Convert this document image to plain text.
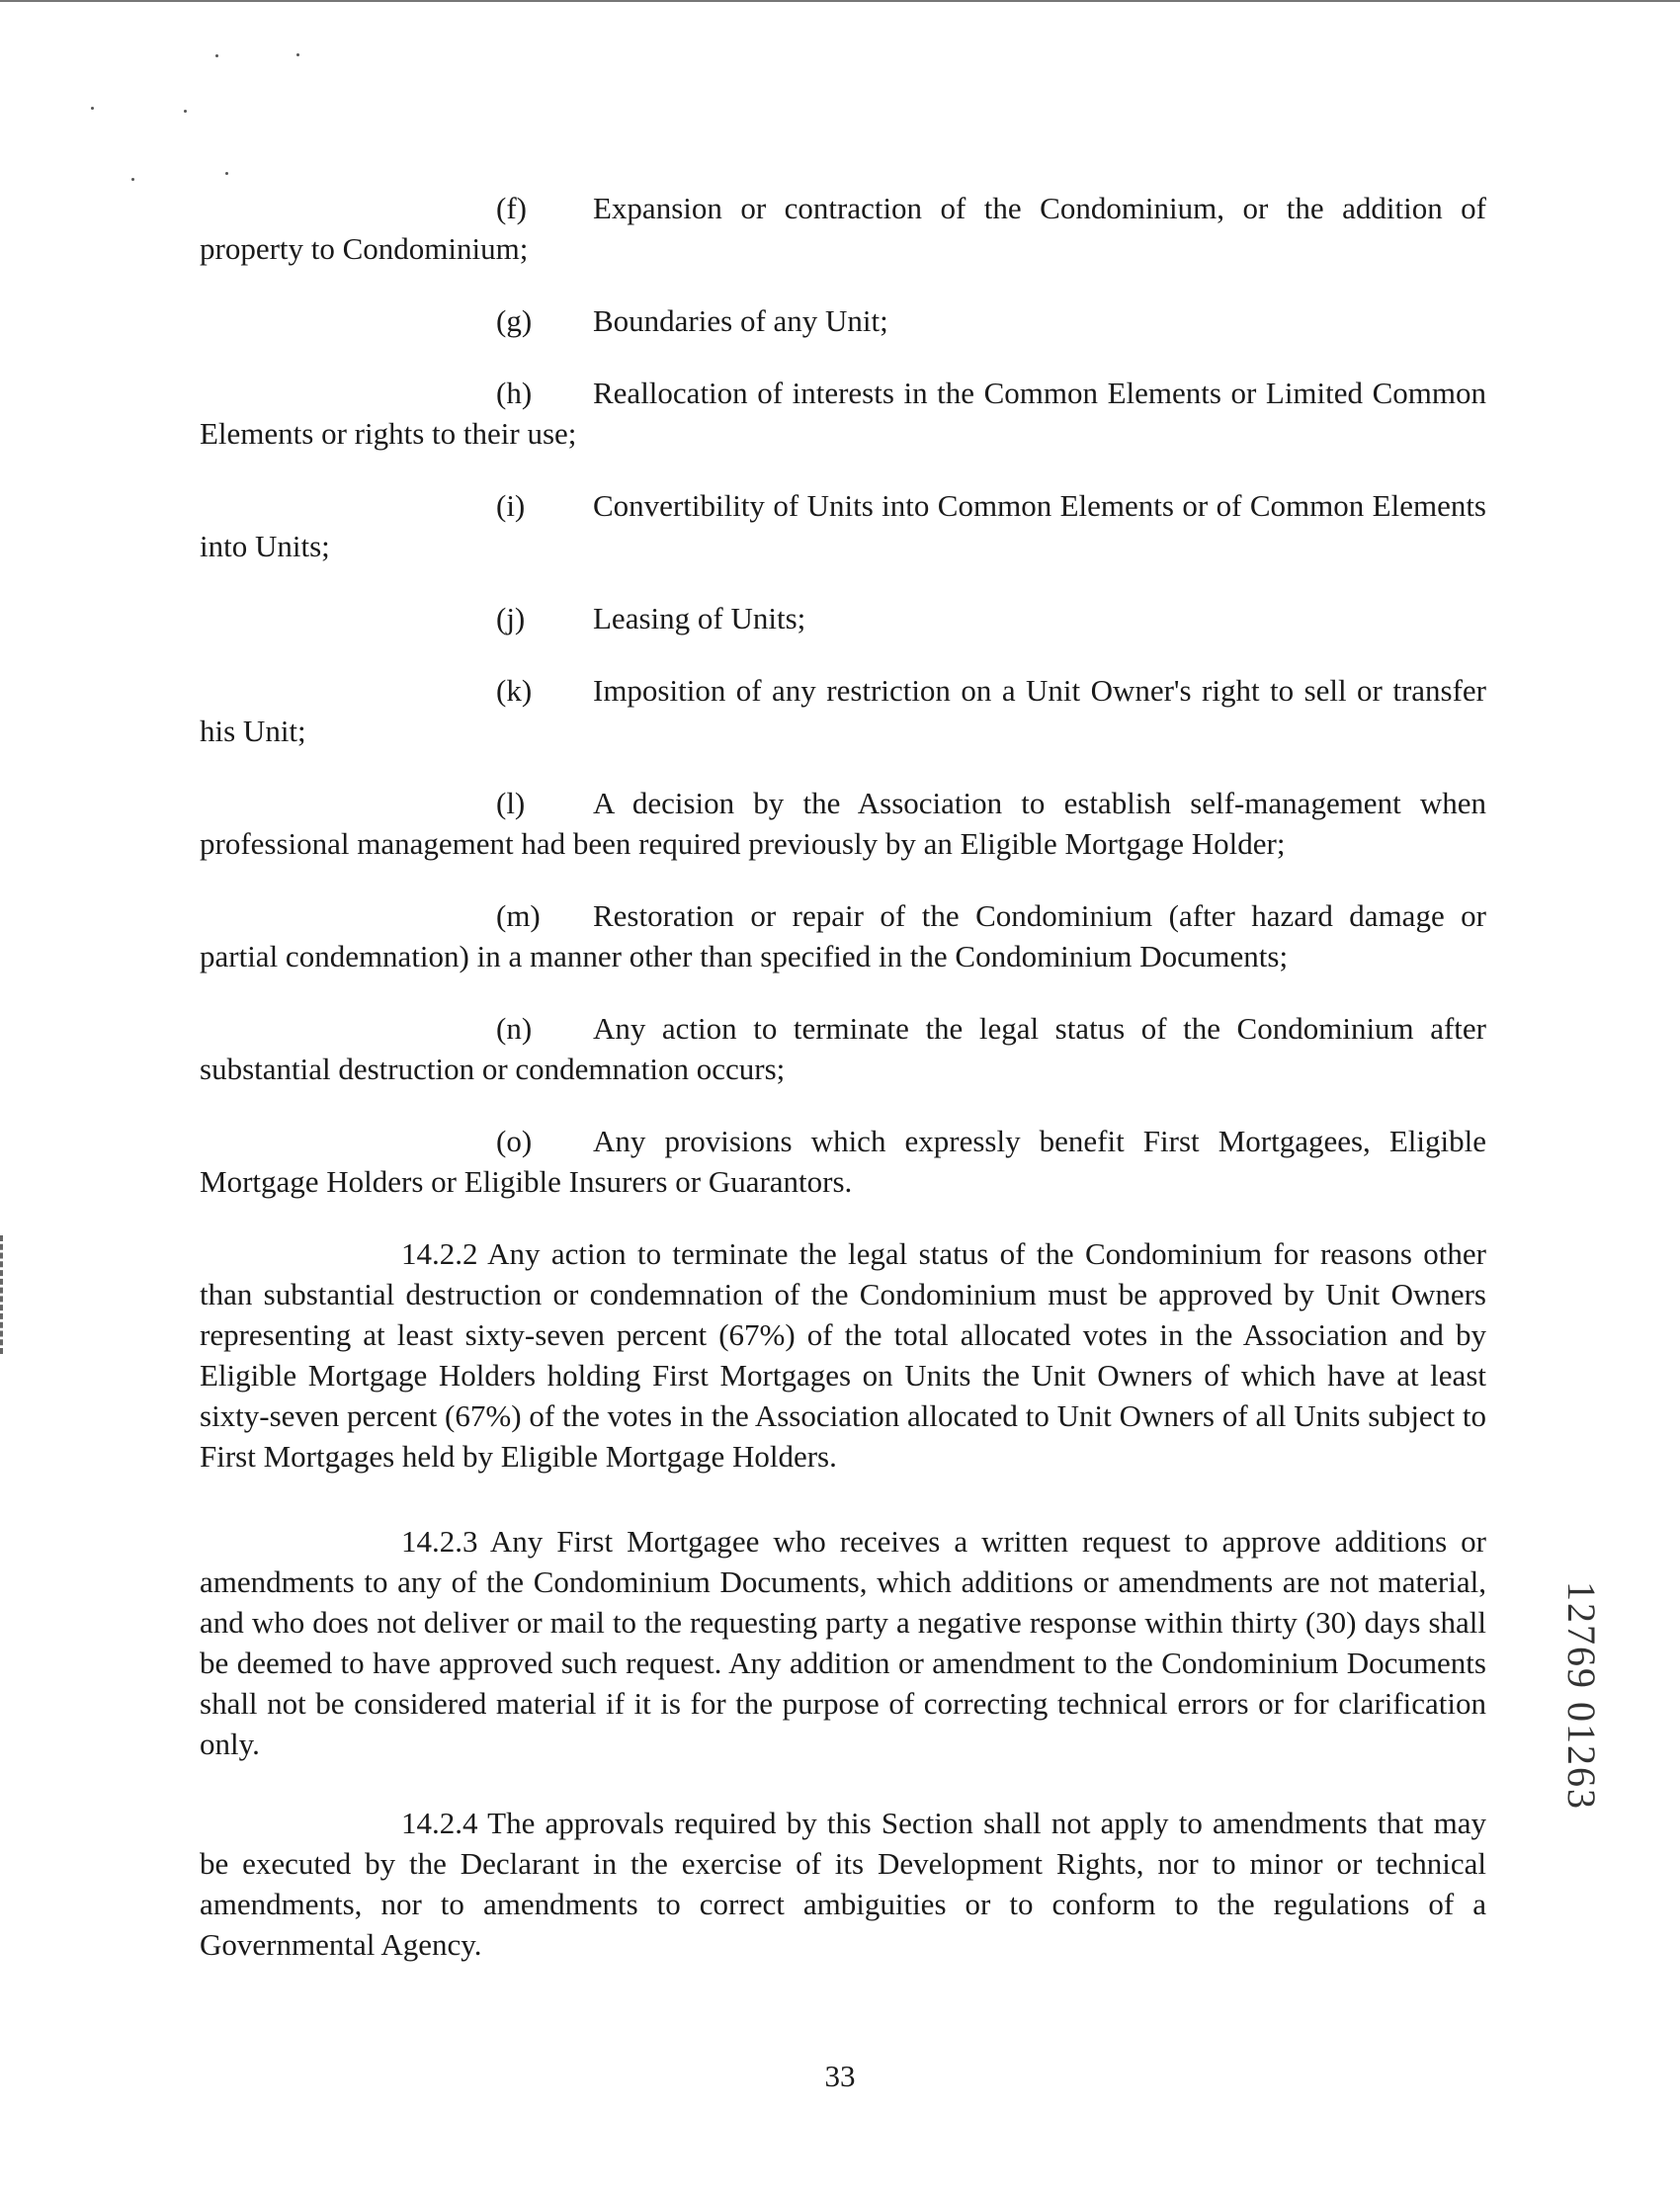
(f) Expansion or contraction of the Condominium, or the addition of property to Condominium;

(g) Boundaries of any Unit;

(h) Reallocation of interests in the Common Elements or Limited Common Elements or rights to their use;

(i) Convertibility of Units into Common Elements or of Common Elements into Units;

(j) Leasing of Units;

(k) Imposition of any restriction on a Unit Owner's right to sell or transfer his Unit;

(l) A decision by the Association to establish self-management when professional management had been required previously by an Eligible Mortgage Holder;

(m) Restoration or repair of the Condominium (after hazard damage or partial condemnation) in a manner other than specified in the Condominium Documents;

(n) Any action to terminate the legal status of the Condominium after substantial destruction or condemnation occurs;

(o) Any provisions which expressly benefit First Mortgagees, Eligible Mortgage Holders or Eligible Insurers or Guarantors.

14.2.2 Any action to terminate the legal status of the Condominium for reasons other than substantial destruction or condemnation of the Condominium must be approved by Unit Owners representing at least sixty-seven percent (67%) of the total allocated votes in the Association and by Eligible Mortgage Holders holding First Mortgages on Units the Unit Owners of which have at least sixty-seven percent (67%) of the votes in the Association allocated to Unit Owners of all Units subject to First Mortgages held by Eligible Mortgage Holders.

14.2.3 Any First Mortgagee who receives a written request to approve additions or amendments to any of the Condominium Documents, which additions or amendments are not material, and who does not deliver or mail to the requesting party a negative response within thirty (30) days shall be deemed to have approved such request. Any addition or amendment to the Condominium Documents shall not be considered material if it is for the purpose of correcting technical errors or for clarification only.

14.2.4 The approvals required by this Section shall not apply to amendments that may be executed by the Declarant in the exercise of its Development Rights, nor to minor or technical amendments, nor to amendments to correct ambiguities or to conform to the regulations of a Governmental Agency.

33
12769 01263
